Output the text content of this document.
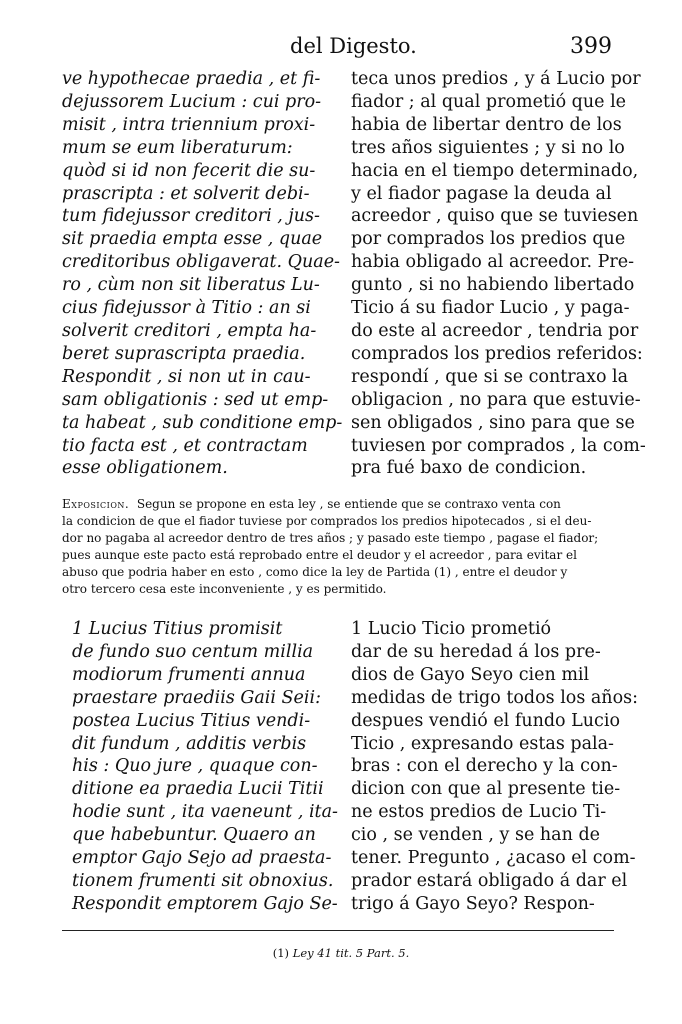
del Digesto.	399
ve hypothecae praedia , et fi-
dejussorem Lucium : cui pro-
misit , intra triennium proxi-
mum se eum liberaturum:
quòd si id non fecerit die su-
prascripta : et solverit debi-
tum fidejussor creditori , jus-
sit praedia empta esse , quae
creditoribus obligaverat. Quae-
ro , cùm non sit liberatus Lu-
cius fidejussor à Titio : an si
solverit creditori , empta ha-
beret suprascripta praedia.
Respondit , si non ut in cau-
sam obligationis : sed ut emp-
ta habeat , sub conditione emp-
tio facta est , et contractam
esse obligationem.
teca unos predios , y á Lucio por
fiador ; al qual prometió que le
habia de libertar dentro de los
tres años siguientes ; y si no lo
hacia en el tiempo determinado,
y el fiador pagase la deuda al
acreedor , quiso que se tuviesen
por comprados los predios que
habia obligado al acreedor. Pre-
gunto , si no habiendo libertado
Ticio á su fiador Lucio , y paga-
do este al acreedor , tendria por
comprados los predios referidos:
respondí , que si se contraxo la
obligacion , no para que estuvie-
sen obligados , sino para que se
tuviesen por comprados , la com-
pra fué baxo de condicion.
Exposicion. Segun se propone en esta ley , se entiende que se contraxo venta con
la condicion de que el fiador tuviese por comprados los predios hipotecados , si el deu-
dor no pagaba al acreedor dentro de tres años ; y pasado este tiempo , pagase el fiador;
pues aunque este pacto está reprobado entre el deudor y el acreedor , para evitar el
abuso que podria haber en esto , como dice la ley de Partida (1) , entre el deudor y
otro tercero cesa este inconveniente , y es permitido.
1 Lucius Titius promisit
de fundo suo centum millia
modiorum frumenti annua
praestare praediis Gaii Seii:
postea Lucius Titius vendi-
dit fundum , additis verbis
his : Quo jure , quaque con-
ditione ea praedia Lucii Titii
hodie sunt , ita vaeneunt , ita-
que habebuntur. Quaero an
emptor Gajo Sejo ad praesta-
tionem frumenti sit obnoxius.
Respondit emptorem Gajo Se-
1 Lucio Ticio prometió
dar de su heredad á los pre-
dios de Gayo Seyo cien mil
medidas de trigo todos los años:
despues vendió el fundo Lucio
Ticio , expresando estas pala-
bras : con el derecho y la con-
dicion con que al presente tie-
ne estos predios de Lucio Ti-
cio , se venden , y se han de
tener. Pregunto , ¿acaso el com-
prador estará obligado á dar el
trigo á Gayo Seyo? Respon-
(1) Ley 41 tit. 5 Part. 5.
